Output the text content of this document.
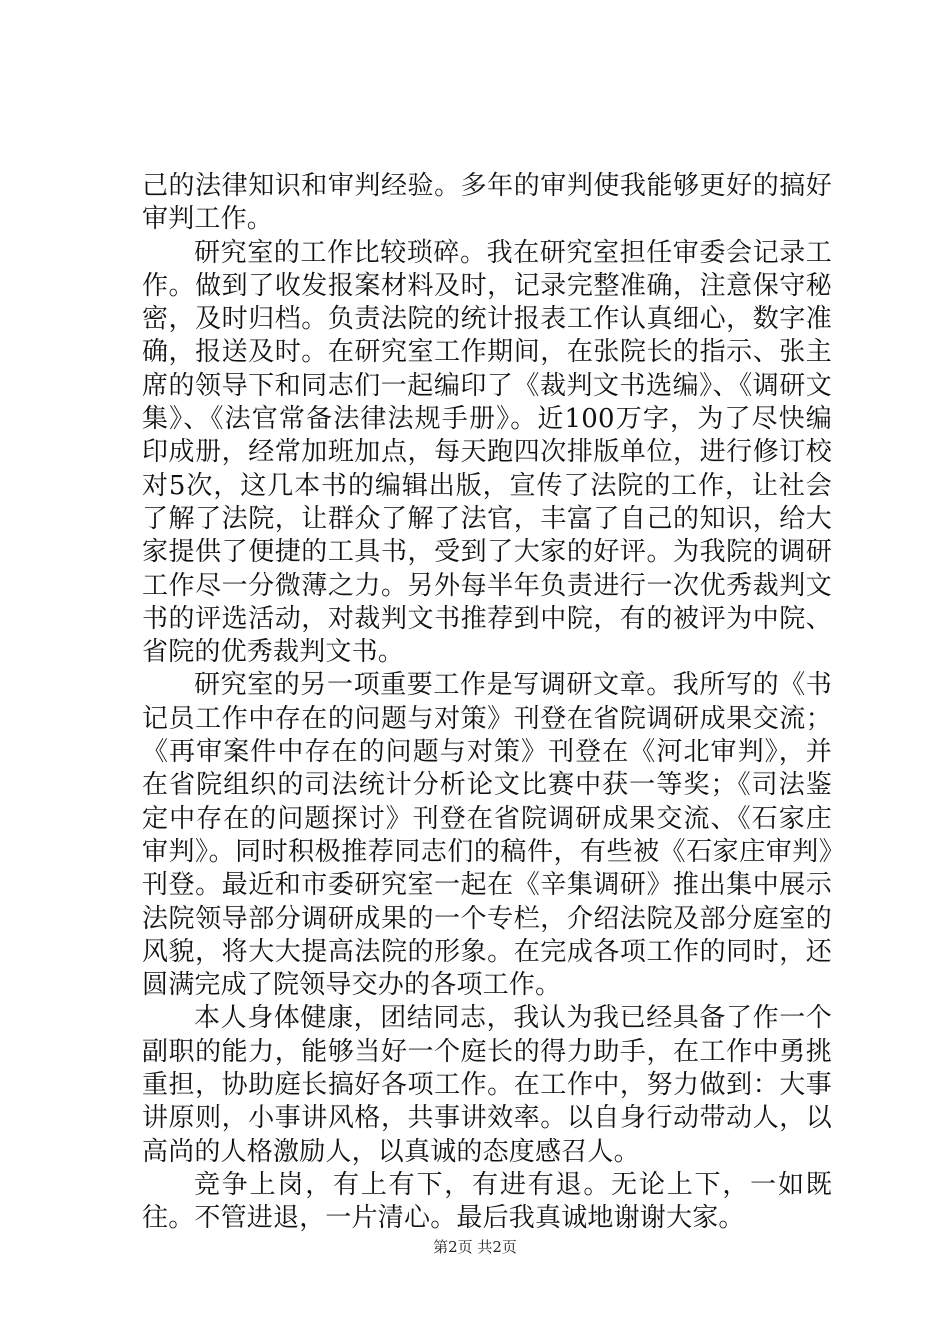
己的法律知识和审判经验。多年的审判使我能够更好的搞好审判工作。

研究室的工作比较琐碎。我在研究室担任审委会记录工作。做到了收发报案材料及时，记录完整准确，注意保守秘密，及时归档。负责法院的统计报表工作认真细心，数字准确，报送及时。在研究室工作期间，在张院长的指示、张主席的领导下和同志们一起编印了《裁判文书选编》、《调研文集》、《法官常备法律法规手册》。近100万字，为了尽快编印成册，经常加班加点，每天跑四次排版单位，进行修订校对5次，这几本书的编辑出版，宣传了法院的工作，让社会了解了法院，让群众了解了法官，丰富了自己的知识，给大家提供了便捷的工具书，受到了大家的好评。为我院的调研工作尽一分微薄之力。另外每半年负责进行一次优秀裁判文书的评选活动，对裁判文书推荐到中院，有的被评为中院、省院的优秀裁判文书。

研究室的另一项重要工作是写调研文章。我所写的《书记员工作中存在的问题与对策》刊登在省院调研成果交流；《再审案件中存在的问题与对策》刊登在《河北审判》，并在省院组织的司法统计分析论文比赛中获一等奖；《司法鉴定中存在的问题探讨》刊登在省院调研成果交流、《石家庄审判》。同时积极推荐同志们的稿件，有些被《石家庄审判》刊登。最近和市委研究室一起在《辛集调研》推出集中展示法院领导部分调研成果的一个专栏，介绍法院及部分庭室的风貌，将大大提高法院的形象。在完成各项工作的同时，还圆满完成了院领导交办的各项工作。

本人身体健康，团结同志，我认为我已经具备了作一个副职的能力，能够当好一个庭长的得力助手，在工作中勇挑重担，协助庭长搞好各项工作。在工作中，努力做到：大事讲原则，小事讲风格，共事讲效率。以自身行动带动人，以高尚的人格激励人，以真诚的态度感召人。

竞争上岗，有上有下，有进有退。无论上下，一如既往。不管进退，一片清心。最后我真诚地谢谢大家。

第2页 共2页
